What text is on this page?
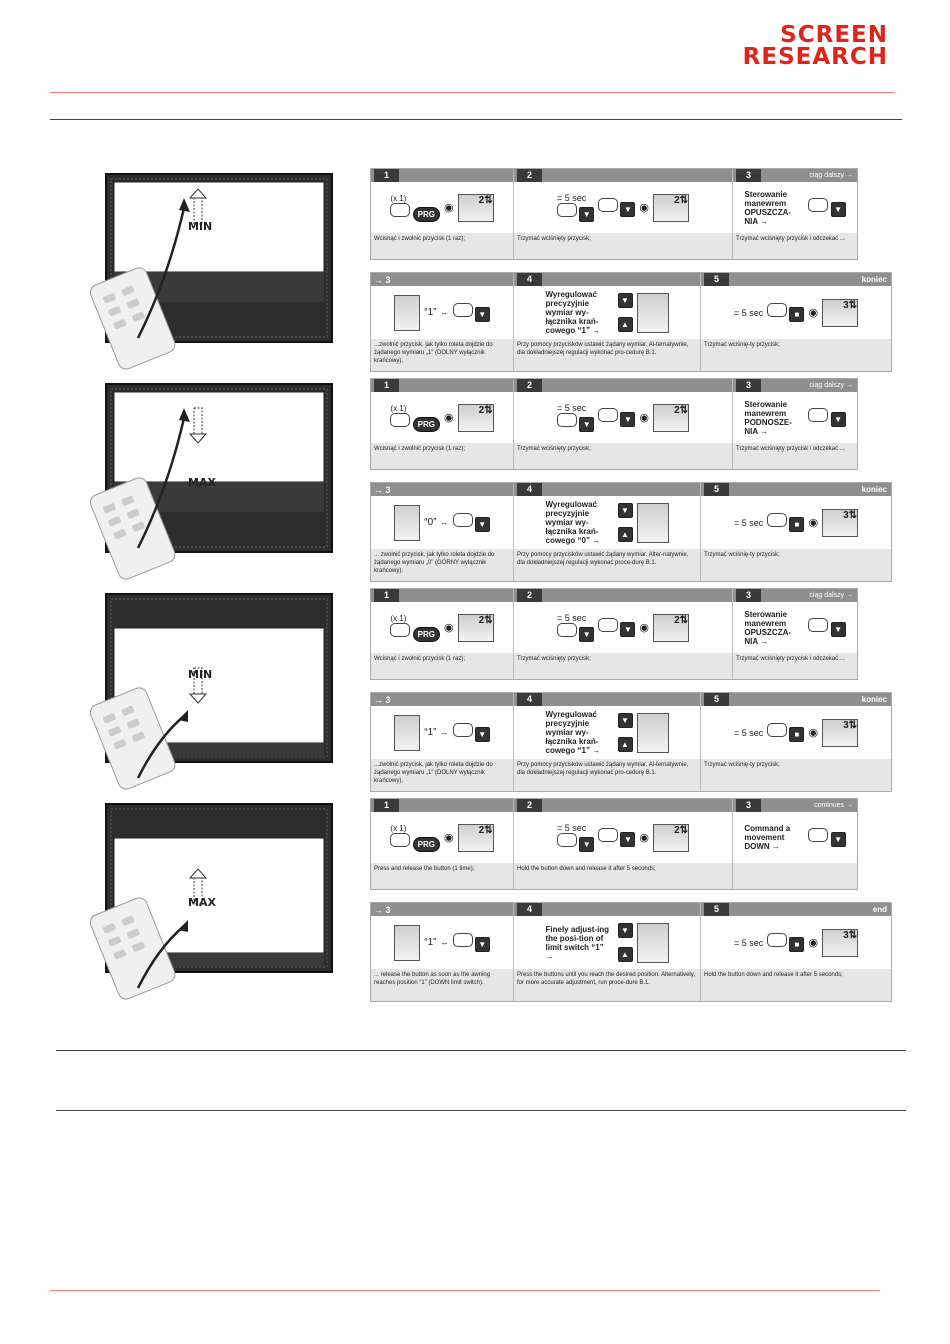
SCREEN
RESEARCH
MIN
1
(x 1)
PRG ◉
2⇅
Wcisnąć i zwolnić przycisk (1 raz);
2
= 5 sec
▼
▼ ◉
2⇅
Trzymać wciśnięty przycisk;
3	ciąg dalszy →
Sterowanie manewrem OPUSZCZA-NIA →
▼
Trzymać wciśnięty przycisk i odczekać ...
→ 3
“1” ↔	▼
...zwolnić przycisk, jak tylko roleta dojdzie do żądanego wymiaru „1” (DOLNY wyłącznik krańcowy).
4
Wyregulować precyzyjnie wymiar wy-łącznika krań-cowego “1” →
▼

▲
Przy pomocy przycisków ustawić żądany wymiar. Al-ternatywnie, dla dokładniejszej regulacji wykonać pro-cedurę B.1.
5	koniec
= 5 sec	■ ◉
3⇅
Trzymać wciśnię-ty przycisk;
MAX
1
(x 1)
PRG ◉
2⇅
Wcisnąć i zwolnić przycisk (1 raz);
2
= 5 sec
▼
▼ ◉
2⇅
Trzymać wciśnięty przycisk;
3	ciąg dalszy →
Sterowanie manewrem PODNOSZE-NIA →
▼
Trzymać wciśnięty przycisk i odczekać ...
→ 3
“0” ↔	▼
... zwolnić przycisk, jak tylko roleta dojdzie do żądanego wymiaru „0” (GÓRNY wyłącznik krańcowy).
4
Wyregulować precyzyjnie wymiar wy-łącznika krań-cowego “0” →
▼

▲
Przy pomocy przycisków ustawić żądany wymiar. Alter-natywnie, dla dokładniejszej regulacji wykonać proce-durę B.1.
5	koniec
= 5 sec	■ ◉
3⇅
Trzymać wciśnię-ty przycisk;
MIN
1
(x 1)
PRG ◉
2⇅
Wcisnąć i zwolnić przycisk (1 raz);
2
= 5 sec
▼
▼ ◉
2⇅
Trzymać wciśnięty przycisk;
3	ciąg dalszy →
Sterowanie manewrem OPUSZCZA-NIA →
▼
Trzymać wciśnięty przycisk i odczekać ...
→ 3
“1” ↔	▼
...zwolnić przycisk, jak tylko roleta dojdzie do żądanego wymiaru „1” (DOLNY wyłącznik krańcowy).
4
Wyregulować precyzyjnie wymiar wy-łącznika krań-cowego “1” →
▼

▲
Przy pomocy przycisków ustawić żądany wymiar. Al-ternatywnie, dla dokładniejszej regulacji wykonać pro-cedurę B.1.
5	koniec
= 5 sec	■ ◉
3⇅
Trzymać wciśnię-ty przycisk;
MAX
1
(x 1)
PRG ◉
2⇅
Press and release the button (1 time);
2
= 5 sec
▼
▼ ◉
2⇅
Hold the button down and release it after 5 seconds;
3	continues →
Command a movement DOWN →
▼
→ 3
“1” ↔	▼
... release the button as soon as the awning reaches position “1” (DOWN limit switch).
4
Finely adjust-ing the posi-tion of limit switch “1” →
▼

▲
Press the buttons until you reach the desired position. Alternatively, for more accurate adjustment, run proce-dure B.1.
5	end
= 5 sec	■ ◉
3⇅
Hold the button down and release it after 5 seconds;
